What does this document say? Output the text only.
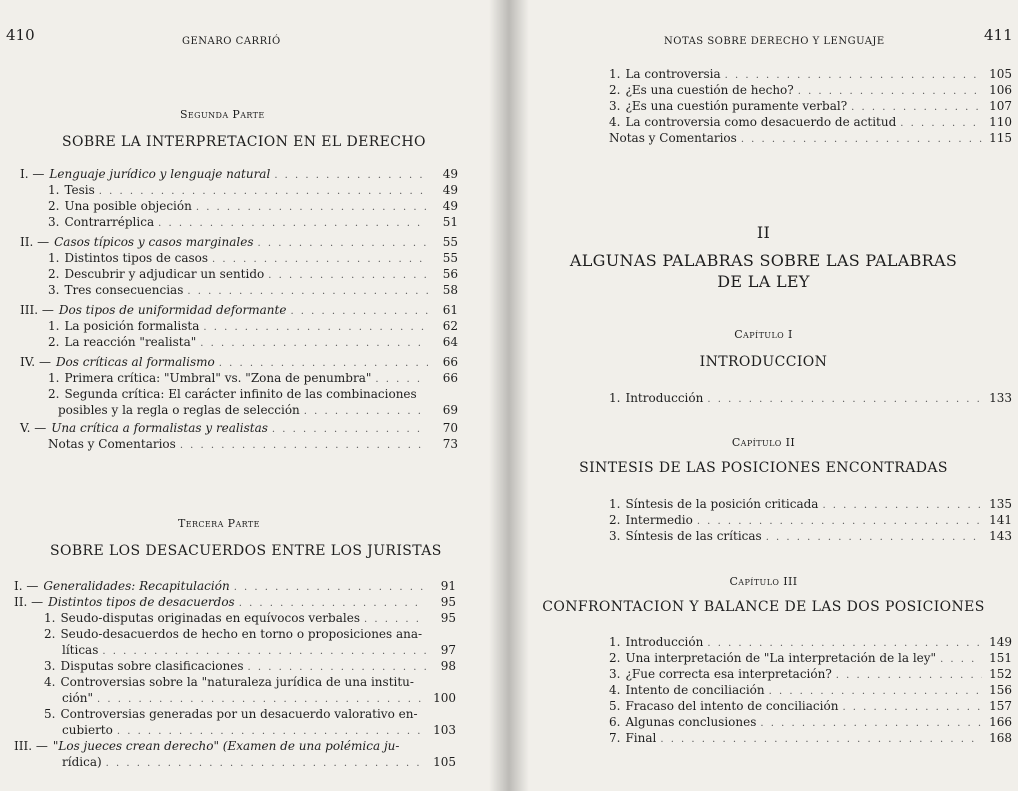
410	GENARO CARRIÓ
Segunda Parte
SOBRE LA INTERPRETACION EN EL DERECHO
I. — Lenguaje jurídico y lenguaje natural . . .	49
1. Tesis . . .	49
2. Una posible objeción . . .	49
3. Contrarréplica . . .	51
II. — Casos típicos y casos marginales . . .	55
1. Distintos tipos de casos . . .	55
2. Descubrir y adjudicar un sentido . . .	56
3. Tres consecuencias . . .	58
III. — Dos tipos de uniformidad deformante . . .	61
1. La posición formalista . . .	62
2. La reacción "realista" . . .	64
IV. — Dos críticas al formalismo . . .	66
1. Primera crítica: "Umbral" vs. "Zona de penumbra" . . .	66
2. Segunda crítica: El carácter infinito de las combinaciones
posibles y la regla o reglas de selección . . .	69
V. — Una crítica a formalistas y realistas . . .	70
Notas y Comentarios . . .	73
Tercera Parte
SOBRE LOS DESACUERDOS ENTRE LOS JURISTAS
I. — Generalidades: Recapitulación . . .	91
II. — Distintos tipos de desacuerdos . . .	95
1. Seudo-disputas originadas en equívocos verbales . . .	95
2. Seudo-desacuerdos de hecho en torno o proposiciones ana-
líticas . . .	97
3. Disputas sobre clasificaciones . . .	98
4. Controversias sobre la "naturaleza jurídica de una institu-
ción" . . .	100
5. Controversias generadas por un desacuerdo valorativo en-
cubierto . . .	103
III. — "Los jueces crean derecho" (Examen de una polémica ju-
rídica) . . .	105
NOTAS SOBRE DERECHO Y LENGUAJE	411
1. La controversia . . .	105
2. ¿Es una cuestión de hecho? . . .	106
3. ¿Es una cuestión puramente verbal? . . .	107
4. La controversia como desacuerdo de actitud . . .	110
Notas y Comentarios . . .	115
II
ALGUNAS PALABRAS SOBRE LAS PALABRAS
DE LA LEY
Capítulo I
INTRODUCCION
1. Introducción . . .	133
Capítulo II
SINTESIS DE LAS POSICIONES ENCONTRADAS
1. Síntesis de la posición criticada . . .	135
2. Intermedio . . .	141
3. Síntesis de las críticas . . .	143
Capítulo III
CONFRONTACION Y BALANCE DE LAS DOS POSICIONES
1. Introducción . . .	149
2. Una interpretación de "La interpretación de la ley" . . .	151
3. ¿Fue correcta esa interpretación? . . .	152
4. Intento de conciliación . . .	156
5. Fracaso del intento de conciliación . . .	157
6. Algunas conclusiones . . .	166
7. Final . . .	168
